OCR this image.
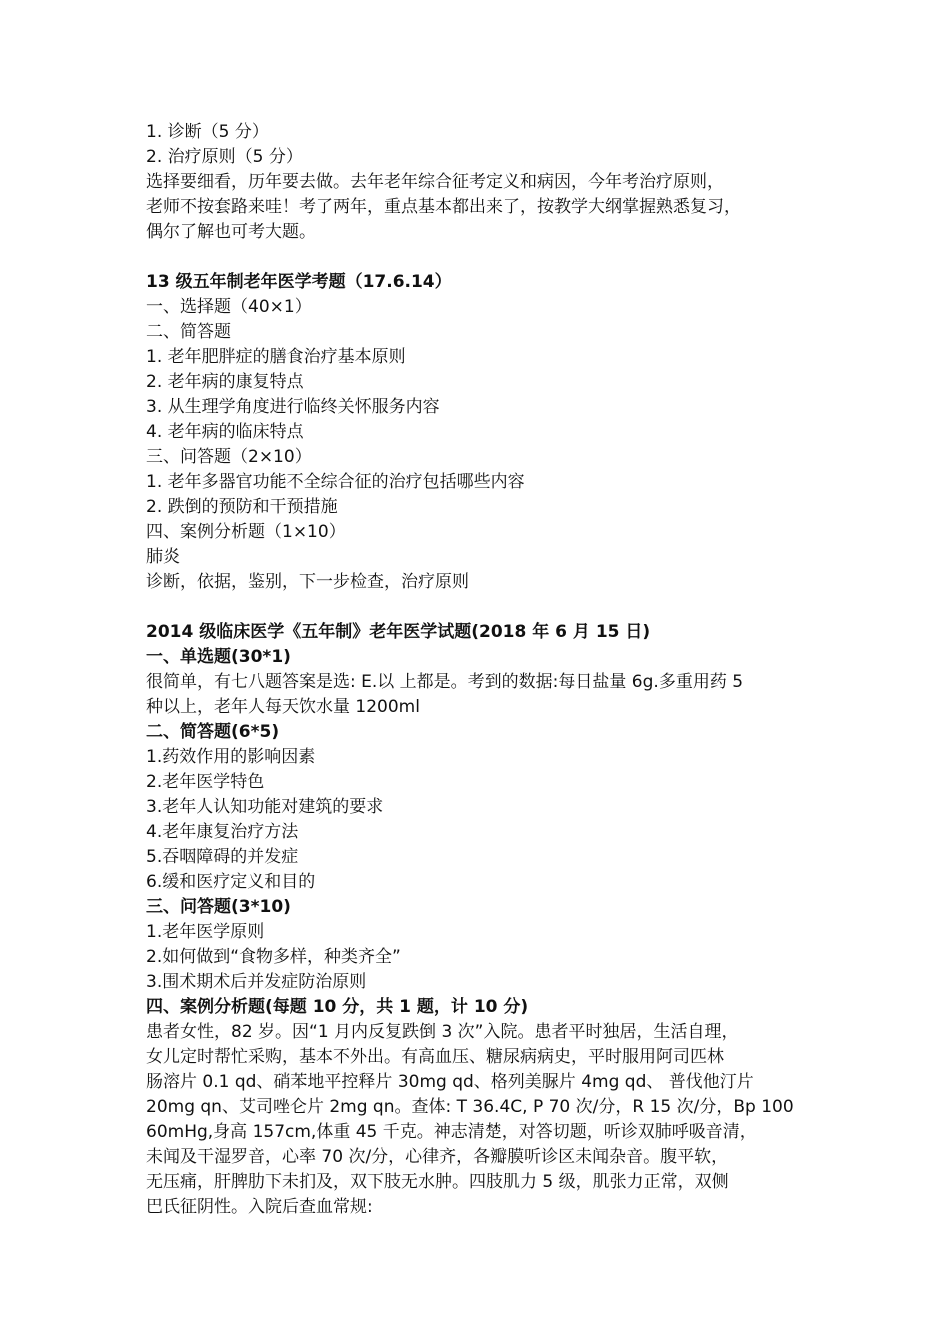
1. 诊断（5 分）
2. 治疗原则（5 分）
选择要细看，历年要去做。去年老年综合征考定义和病因，今年考治疗原则，
老师不按套路来哇！考了两年，重点基本都出来了，按教学大纲掌握熟悉复习，
偶尔了解也可考大题。
13 级五年制老年医学考题（17.6.14）
一、选择题（40×1）
二、简答题
1. 老年肥胖症的膳食治疗基本原则
2. 老年病的康复特点
3. 从生理学角度进行临终关怀服务内容
4. 老年病的临床特点
三、问答题（2×10）
1. 老年多器官功能不全综合征的治疗包括哪些内容
2. 跌倒的预防和干预措施
四、案例分析题（1×10）
肺炎
诊断，依据，鉴别，下一步检查，治疗原则
2014 级临床医学《五年制》老年医学试题(2018 年 6 月 15 日)
一、单选题(30*1)
很简单，有七八题答案是选: E.以 上都是。考到的数据:每日盐量 6g.多重用药 5
种以上，老年人每天饮水量 1200ml
二、简答题(6*5)
1.药效作用的影响因素
2.老年医学特色
3.老年人认知功能对建筑的要求
4.老年康复治疗方法
5.吞咽障碍的并发症
6.缓和医疗定义和目的
三、问答题(3*10)
1.老年医学原则
2.如何做到“食物多样，种类齐全”
3.围术期术后并发症防治原则
四、案例分析题(每题 10 分，共 1 题，计 10 分)
患者女性，82 岁。因“1 月内反复跌倒 3 次”入院。患者平时独居，生活自理，
女儿定时帮忙采购，基本不外出。有高血压、糖尿病病史，平时服用阿司匹林
肠溶片 0.1 qd、硝苯地平控释片 30mg qd、格列美脲片 4mg qd、 普伐他汀片
20mg qn、艾司唑仑片 2mg qn。查体: T 36.4C, P 70 次/分，R 15 次/分，Bp 100
60mHg,身高 157cm,体重 45 千克。神志清楚，对答切题，听诊双肺呼吸音清，
未闻及干湿罗音，心率 70 次/分，心律齐，各瓣膜听诊区未闻杂音。腹平软，
无压痛，肝脾肋下未扪及，双下肢无水肿。四肢肌力 5 级，肌张力正常，双侧
巴氏征阴性。入院后查血常规:
